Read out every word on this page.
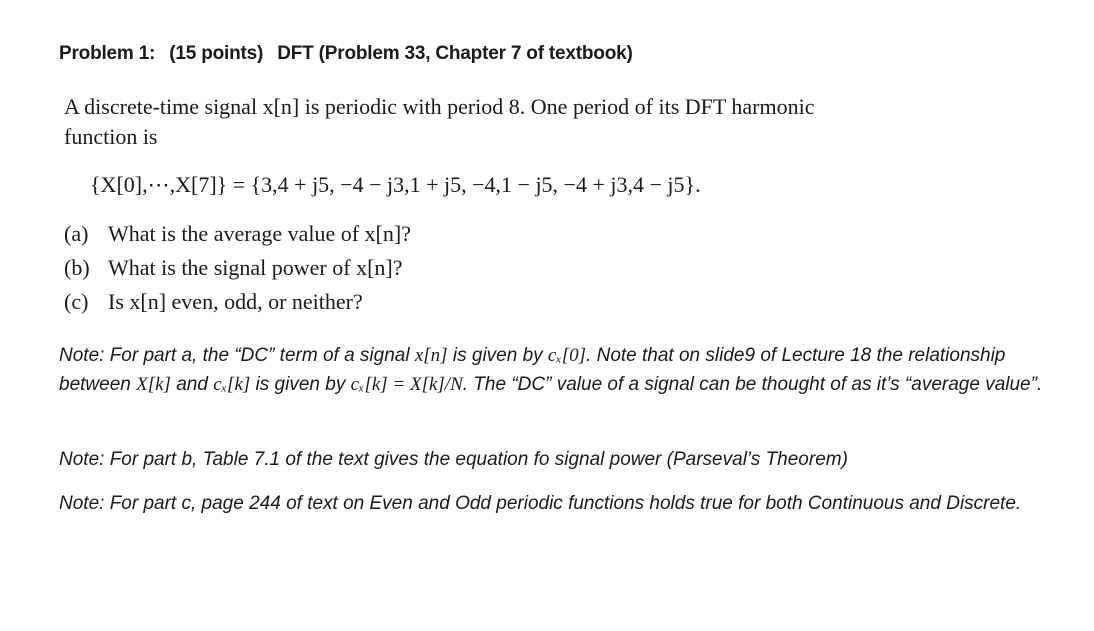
Problem 1: (15 points) DFT (Problem 33, Chapter 7 of textbook)
A discrete-time signal x[n] is periodic with period 8. One period of its DFT harmonic function is
{X[0],⋯,X[7]} = {3,4 + j5, −4 − j3,1 + j5, −4,1 − j5, −4 + j3,4 − j5}.
(a) What is the average value of x[n]?
(b) What is the signal power of x[n]?
(c) Is x[n] even, odd, or neither?
Note: For part a, the “DC” term of a signal x[n] is given by cₓ[0]. Note that on slide9 of Lecture 18 the relationship between X[k] and cₓ[k] is given by cₓ[k] = X[k]/N. The “DC” value of a signal can be thought of as it’s “average value”.
Note: For part b, Table 7.1 of the text gives the equation fo signal power (Parseval’s Theorem)
Note: For part c, page 244 of text on Even and Odd periodic functions holds true for both Continuous and Discrete.
